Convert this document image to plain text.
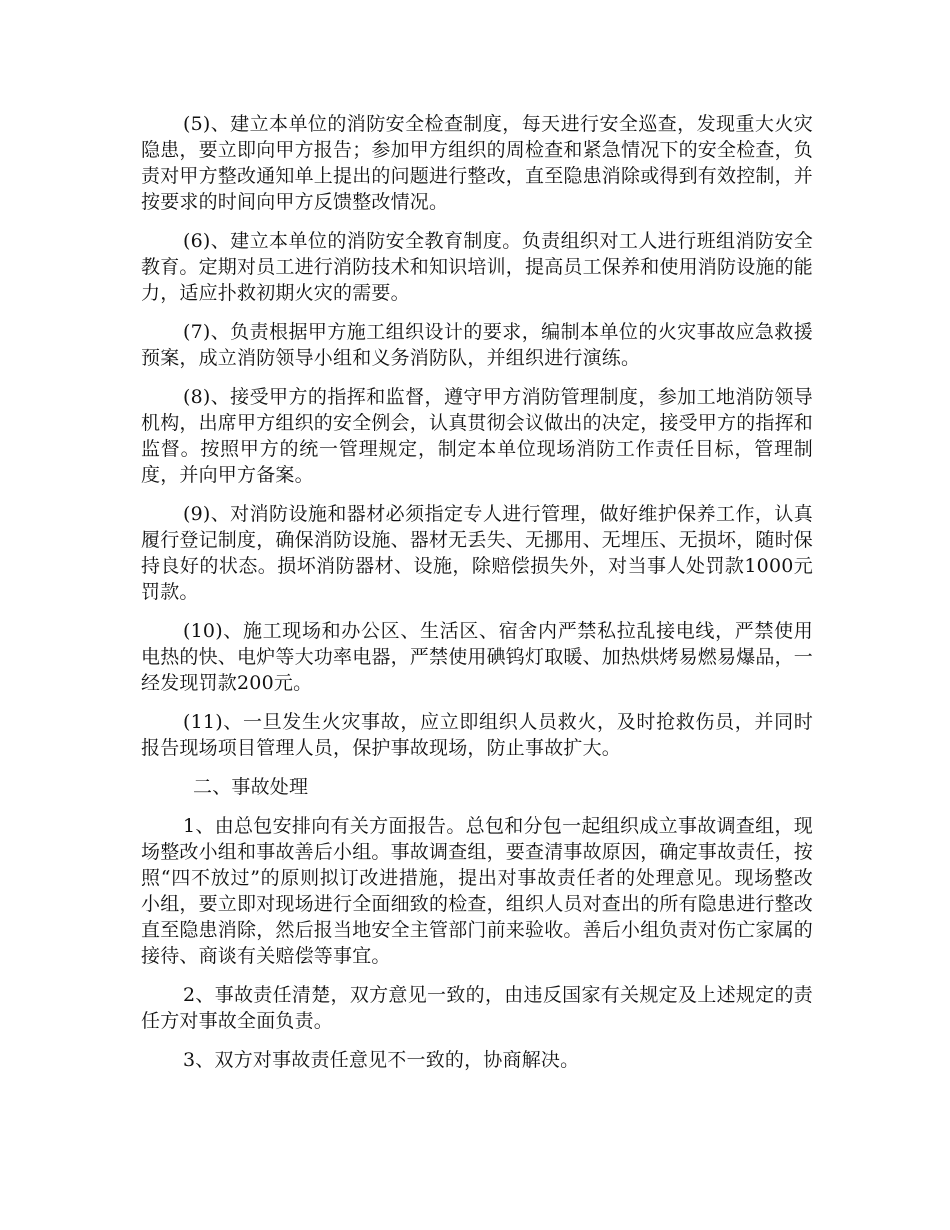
(5)、建立本单位的消防安全检查制度，每天进行安全巡查，发现重大火灾隐患，要立即向甲方报告；参加甲方组织的周检查和紧急情况下的安全检查，负责对甲方整改通知单上提出的问题进行整改，直至隐患消除或得到有效控制，并按要求的时间向甲方反馈整改情况。

(6)、建立本单位的消防安全教育制度。负责组织对工人进行班组消防安全教育。定期对员工进行消防技术和知识培训，提高员工保养和使用消防设施的能力，适应扑救初期火灾的需要。

(7)、负责根据甲方施工组织设计的要求，编制本单位的火灾事故应急救援预案，成立消防领导小组和义务消防队，并组织进行演练。

(8)、接受甲方的指挥和监督，遵守甲方消防管理制度，参加工地消防领导机构，出席甲方组织的安全例会，认真贯彻会议做出的决定，接受甲方的指挥和监督。按照甲方的统一管理规定，制定本单位现场消防工作责任目标，管理制度，并向甲方备案。

(9)、对消防设施和器材必须指定专人进行管理，做好维护保养工作，认真履行登记制度，确保消防设施、器材无丢失、无挪用、无埋压、无损坏，随时保持良好的状态。损坏消防器材、设施，除赔偿损失外，对当事人处罚款1000元罚款。

(10)、施工现场和办公区、生活区、宿舍内严禁私拉乱接电线，严禁使用电热的快、电炉等大功率电器，严禁使用碘钨灯取暖、加热烘烤易燃易爆品，一经发现罚款200元。

(11)、一旦发生火灾事故，应立即组织人员救火，及时抢救伤员，并同时报告现场项目管理人员，保护事故现场，防止事故扩大。

二、事故处理

1、由总包安排向有关方面报告。总包和分包一起组织成立事故调查组，现场整改小组和事故善后小组。事故调查组，要查清事故原因，确定事故责任，按照“四不放过”的原则拟订改进措施，提出对事故责任者的处理意见。现场整改小组，要立即对现场进行全面细致的检查，组织人员对查出的所有隐患进行整改直至隐患消除，然后报当地安全主管部门前来验收。善后小组负责对伤亡家属的接待、商谈有关赔偿等事宜。

2、事故责任清楚，双方意见一致的，由违反国家有关规定及上述规定的责任方对事故全面负责。

3、双方对事故责任意见不一致的，协商解决。
